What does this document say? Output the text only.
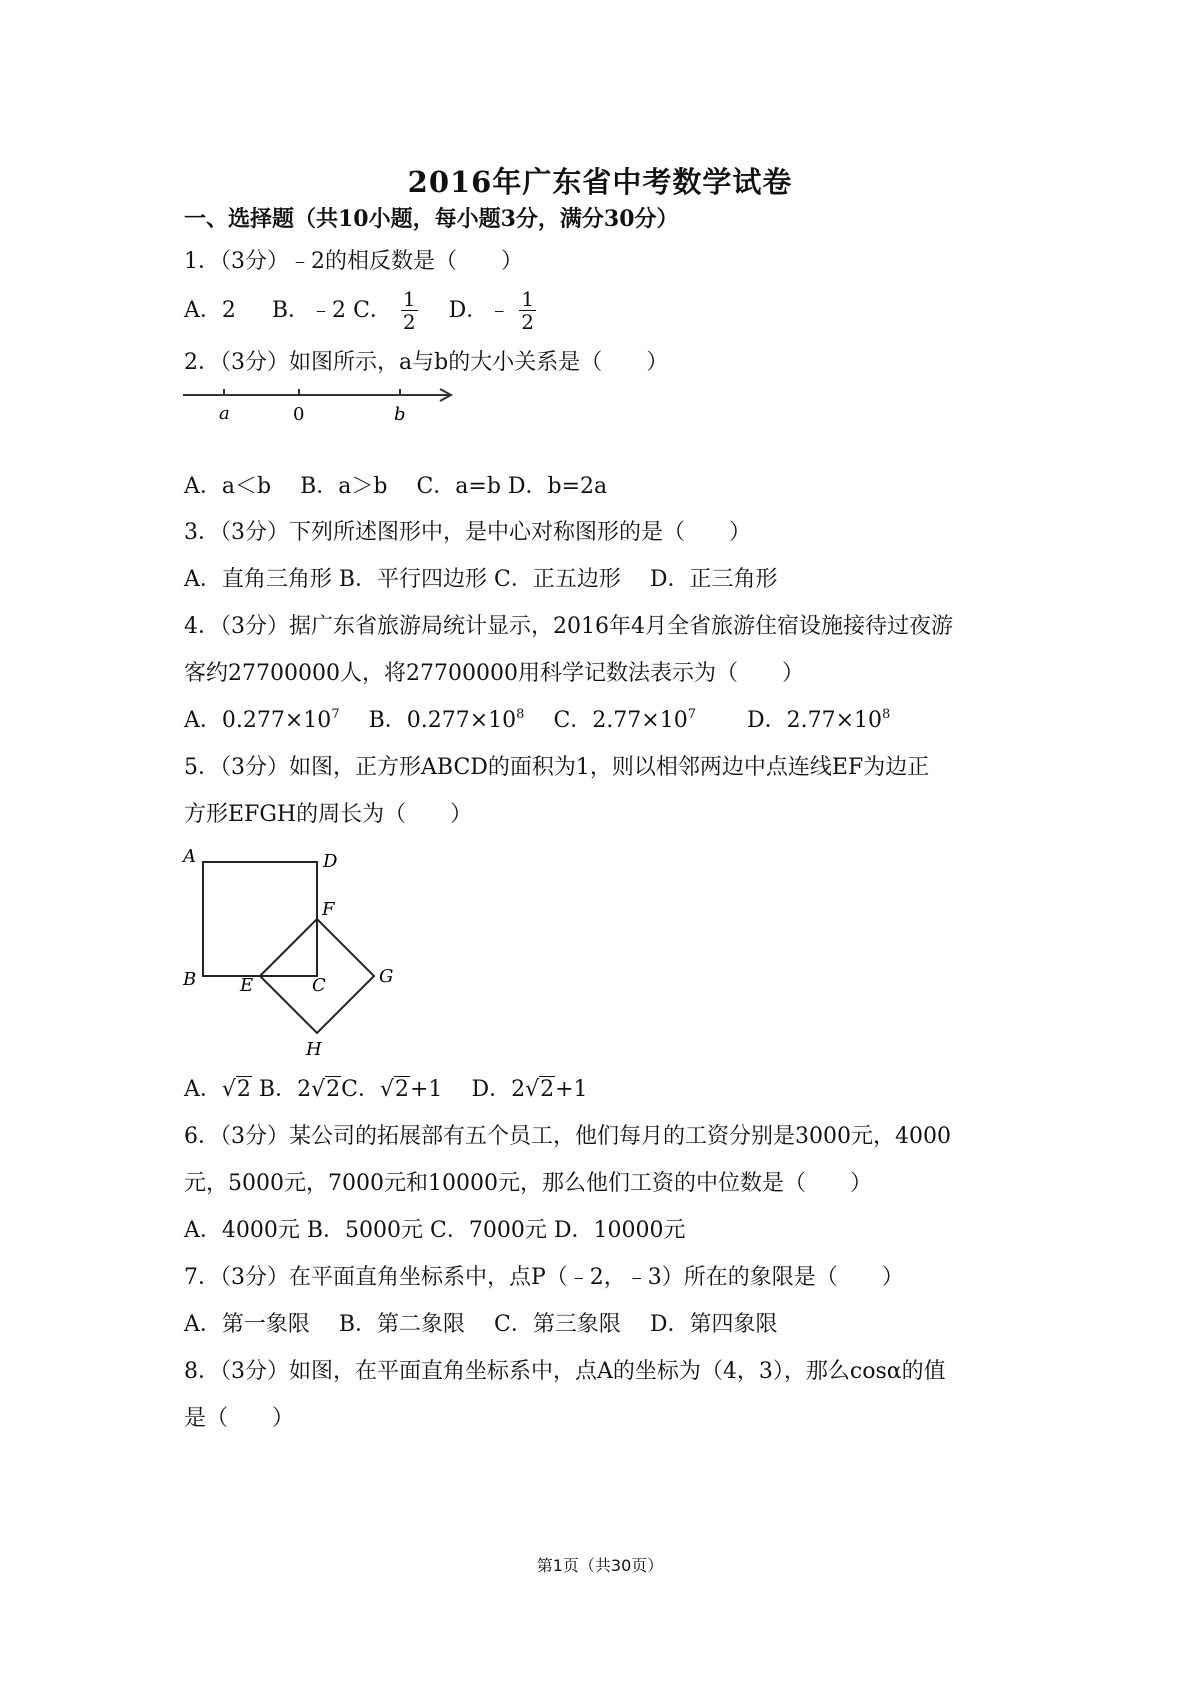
2016年广东省中考数学试卷
一、选择题（共10小题，每小题3分，满分30分）
1．（3分）﹣2的相反数是（　　）
A．2　 B．﹣2 C． $\frac{1}{2}$
　 D．﹣ $\frac{1}{2}$
2．（3分）如图所示，a与b的大小关系是（　　）
a	0	b
A．a＜b　 B．a＞b　 C．a=b D．b=2a
3．（3分）下列所述图形中，是中心对称图形的是（　　）
A．直角三角形 B．平行四边形 C．正五边形　 D．正三角形
4．（3分）据广东省旅游局统计显示，2016年4月全省旅游住宿设施接待过夜游
客约27700000人，将27700000用科学记数法表示为（　　）
A．$0.277\times 10^7$　 B．$0.277\times 10^8$　 C．$2.77\times 10^7$　　 D．$2.77\times 10^8$
5．（3分）如图，正方形ABCD的面积为1，则以相邻两边中点连线EF为边正
方形EFGH的周长为（　　）
A	D
F
B E	C	G
H
A．√2 B．2√2C．√2+1　 D．2√2+1
6．（3分）某公司的拓展部有五个员工，他们每月的工资分别是3000元，4000
元，5000元，7000元和10000元，那么他们工资的中位数是（　　）
A．4000元 B．5000元 C．7000元 D．10000元
7．（3分）在平面直角坐标系中，点P（﹣2，﹣3）所在的象限是（　　）
A．第一象限　 B．第二象限　 C．第三象限　 D．第四象限
8．（3分）如图，在平面直角坐标系中，点A的坐标为（4，3），那么cosα的值
是（　　）
第1页（共30页）
